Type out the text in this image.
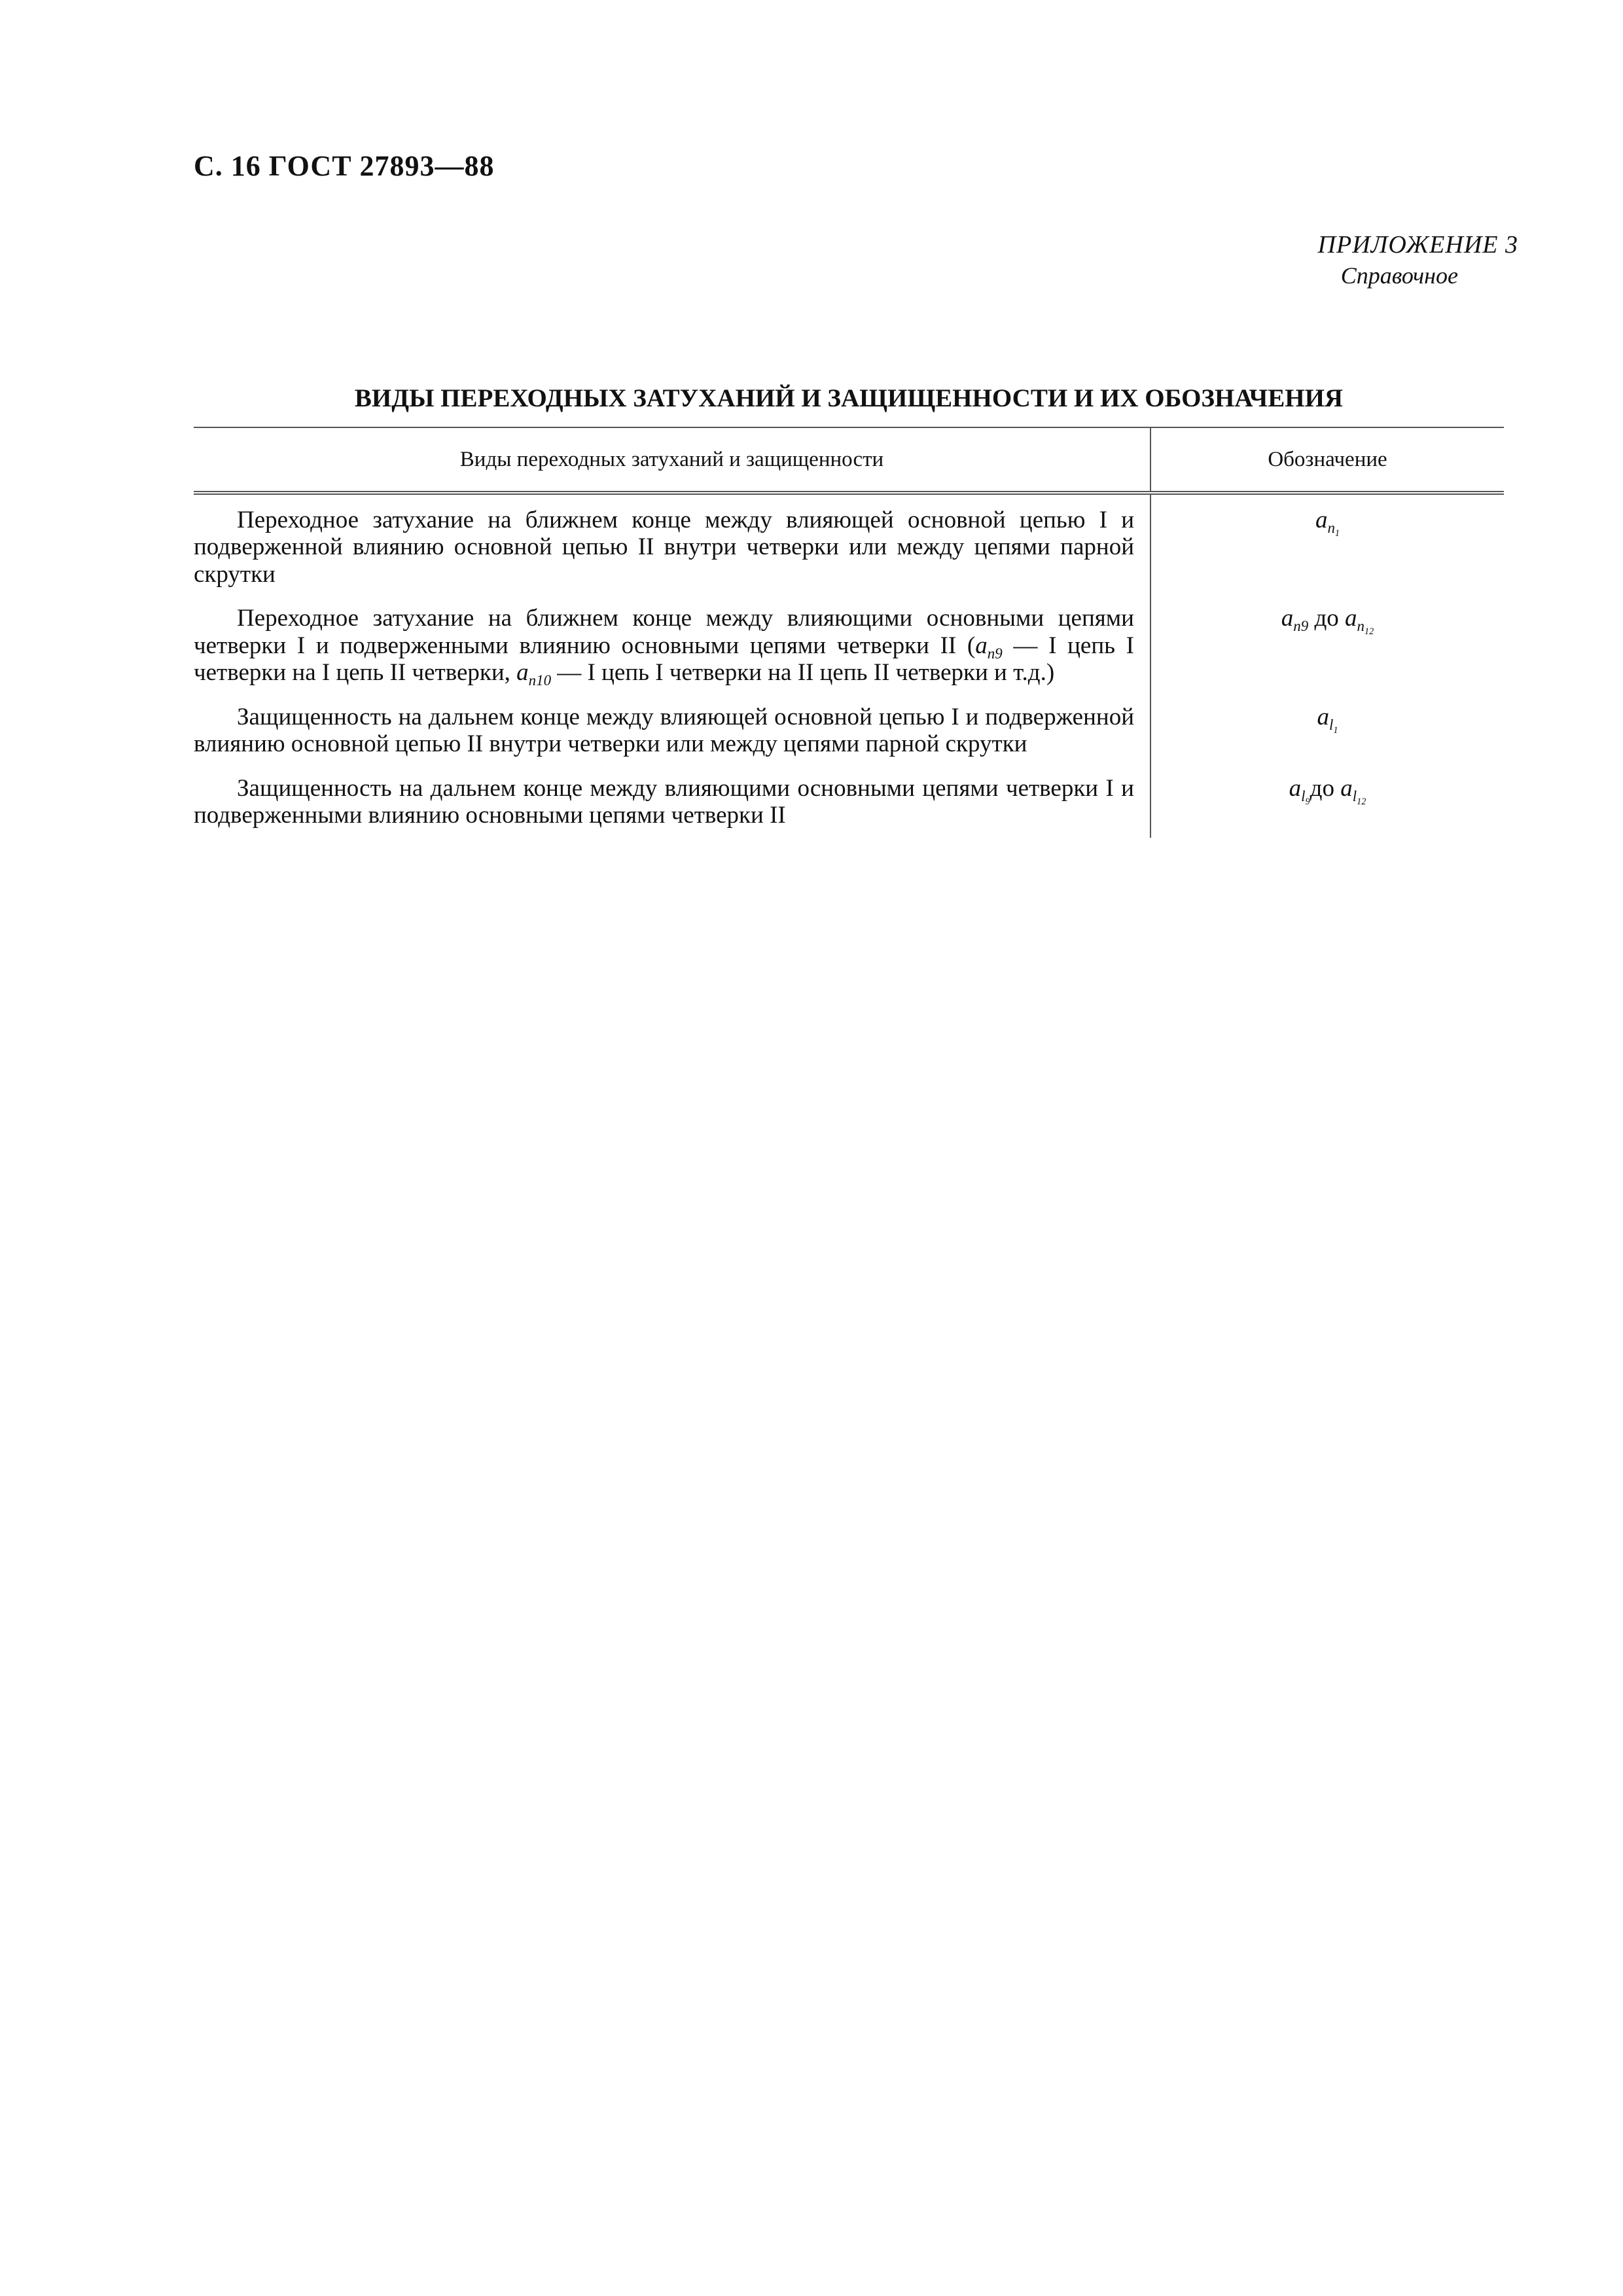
С. 16 ГОСТ 27893—88

ПРИЛОЖЕНИЕ 3
Справочное

ВИДЫ ПЕРЕХОДНЫХ ЗАТУХАНИЙ И ЗАЩИЩЕННОСТИ И ИХ ОБОЗНАЧЕНИЯ

Виды переходных затуханий и защищенности	Обозначение
Переходное затухание на ближнем конце между влияющей основной цепью I и подверженной влиянию основной цепью II внутри четверки или между цепями парной скрутки	$a_{n_1}$
Переходное затухание на ближнем конце между влияющими основными цепями четверки I и подверженными влиянию основными цепями четверки II ($a_{n9}$ — I цепь I четверки на I цепь II четверки, $a_{n10}$ — I цепь I четверки на II цепь II четверки и т.д.)	$a_{n9}$ до $a_{n_{12}}$
Защищенность на дальнем конце между влияющей основной цепью I и подверженной влиянию основной цепью II внутри четверки или между цепями парной скрутки	$a_{l_1}$
Защищенность на дальнем конце между влияющими основными цепями четверки I и подверженными влиянию основными цепями четверки II	$a_{l_9}до$ $a_{l_{12}}$
